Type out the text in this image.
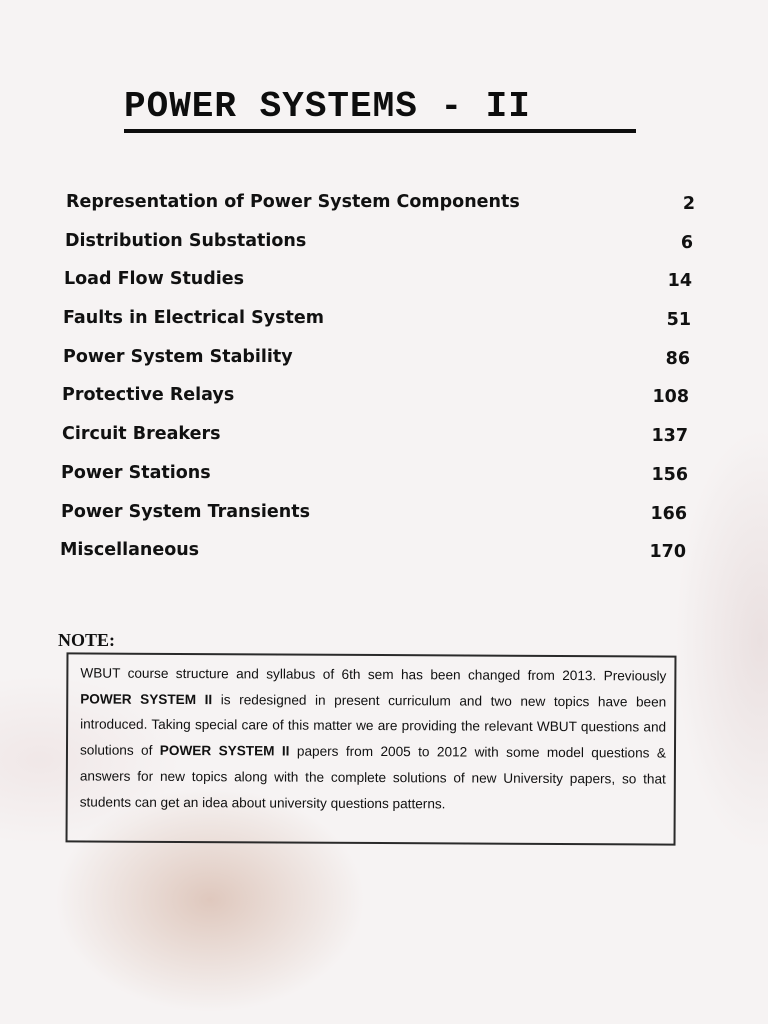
POWER SYSTEMS - II
Representation of Power System Components	2
Distribution Substations	6
Load Flow Studies	14
Faults in Electrical System	51
Power System Stability	86
Protective Relays	108
Circuit Breakers	137
Power Stations	156
Power System Transients	166
Miscellaneous	170
NOTE:
WBUT course structure and syllabus of 6th sem has been changed from 2013. Previously POWER SYSTEM II is redesigned in present curriculum and two new topics have been introduced. Taking special care of this matter we are providing the relevant WBUT questions and solutions of POWER SYSTEM II papers from 2005 to 2012 with some model questions & answers for new topics along with the complete solutions of new University papers, so that students can get an idea about university questions patterns.
